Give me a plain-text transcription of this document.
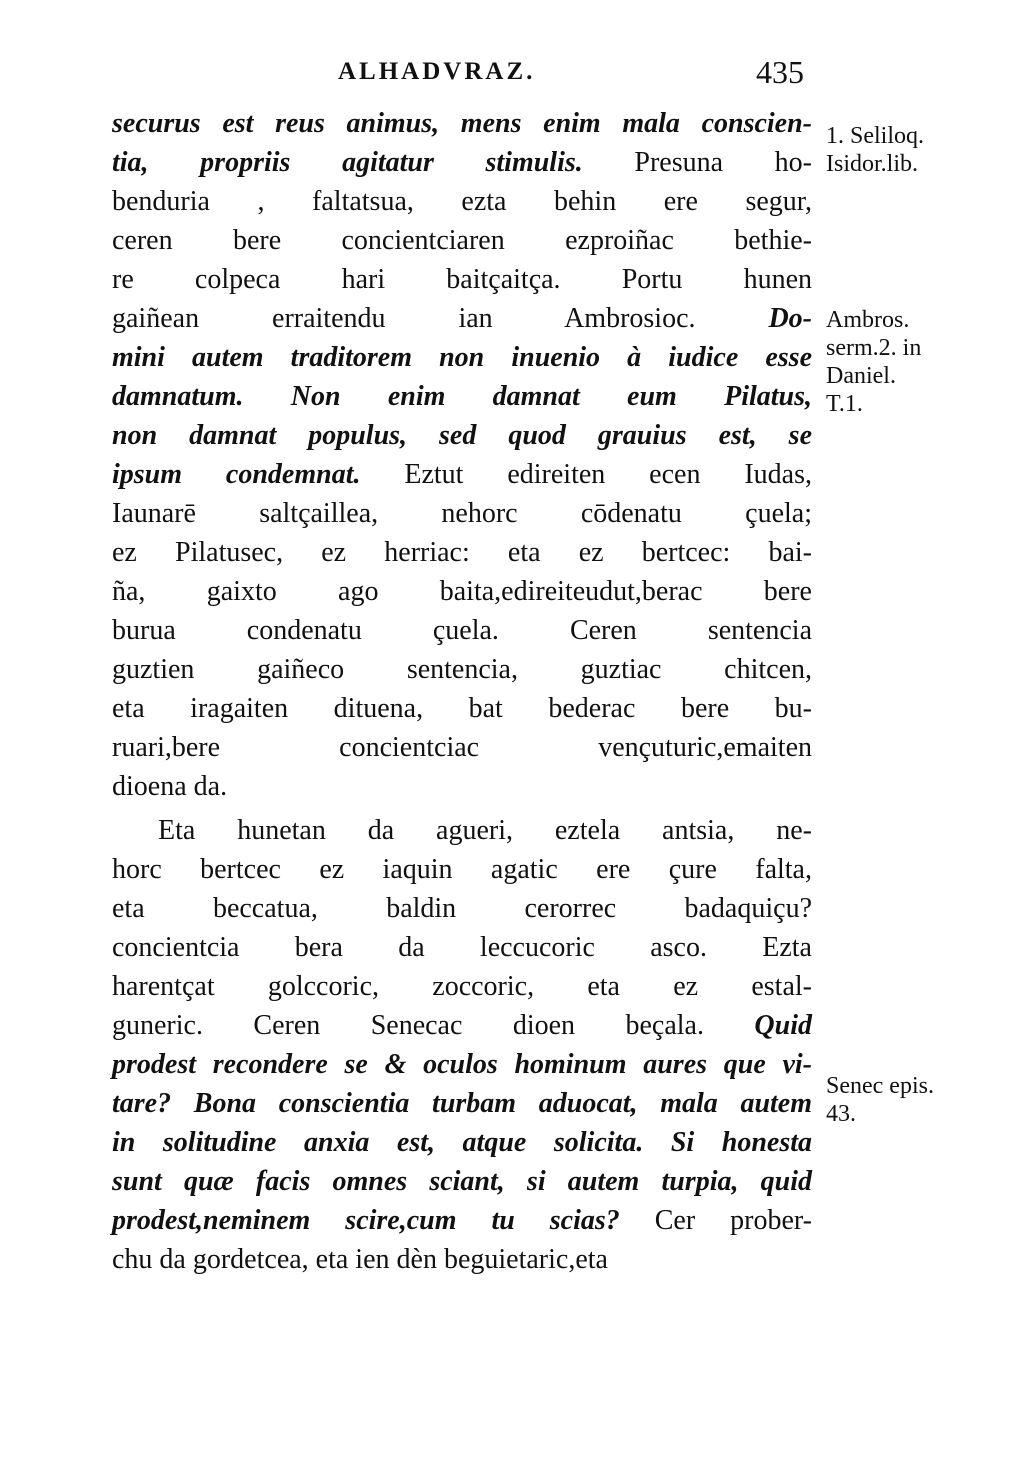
ALHADVRAZ.	435
securus est reus animus, mens enim mala conscien-
tia, propriis agitatur stimulis. Presuna ho-
benduria , faltatsua, ezta behin ere segur,
ceren bere concientciaren ezproiñac bethie-
re colpeca hari baitçaitça. Portu hunen
gaiñean erraitendu ian Ambrosioc. Do-
mini autem traditorem non inuenio à iudice esse
damnatum. Non enim damnat eum Pilatus,
non damnat populus, sed quod grauius est, se
ipsum condemnat. Eztut edireiten ecen Iudas,
Iaunarē saltçaillea, nehorc cōdenatu çuela;
ez Pilatusec, ez herriac: eta ez bertcec: bai-
ña, gaixto ago baita,edireiteudut,berac bere
burua condenatu çuela. Ceren sentencia
guztien gaiñeco sentencia, guztiac chitcen,
eta iragaiten dituena, bat bederac bere bu-
ruari,bere concientciac vençuturic,emaiten
dioena da.
Eta hunetan da agueri, eztela antsia, ne-
horc bertcec ez iaquin agatic ere çure falta,
eta beccatua, baldin cerorrec badaquiçu?
concientcia bera da leccucoric asco. Ezta
harentçat golccoric, zoccoric, eta ez estal-
guneric. Ceren Senecac dioen beçala. Quid
prodest recondere se & oculos hominum aures que vi-
tare? Bona conscientia turbam aduocat, mala autem
in solitudine anxia est, atque solicita. Si honesta
sunt quæ facis omnes sciant, si autem turpia, quid
prodest,neminem scire,cum tu scias? Cer prober-
chu da gordetcea, eta ien dèn beguietaric,eta
1. Seliloq.
Isidor.lib.
Ambros.
serm.2. in
Daniel.
T.1.
Senec epis.
43.
